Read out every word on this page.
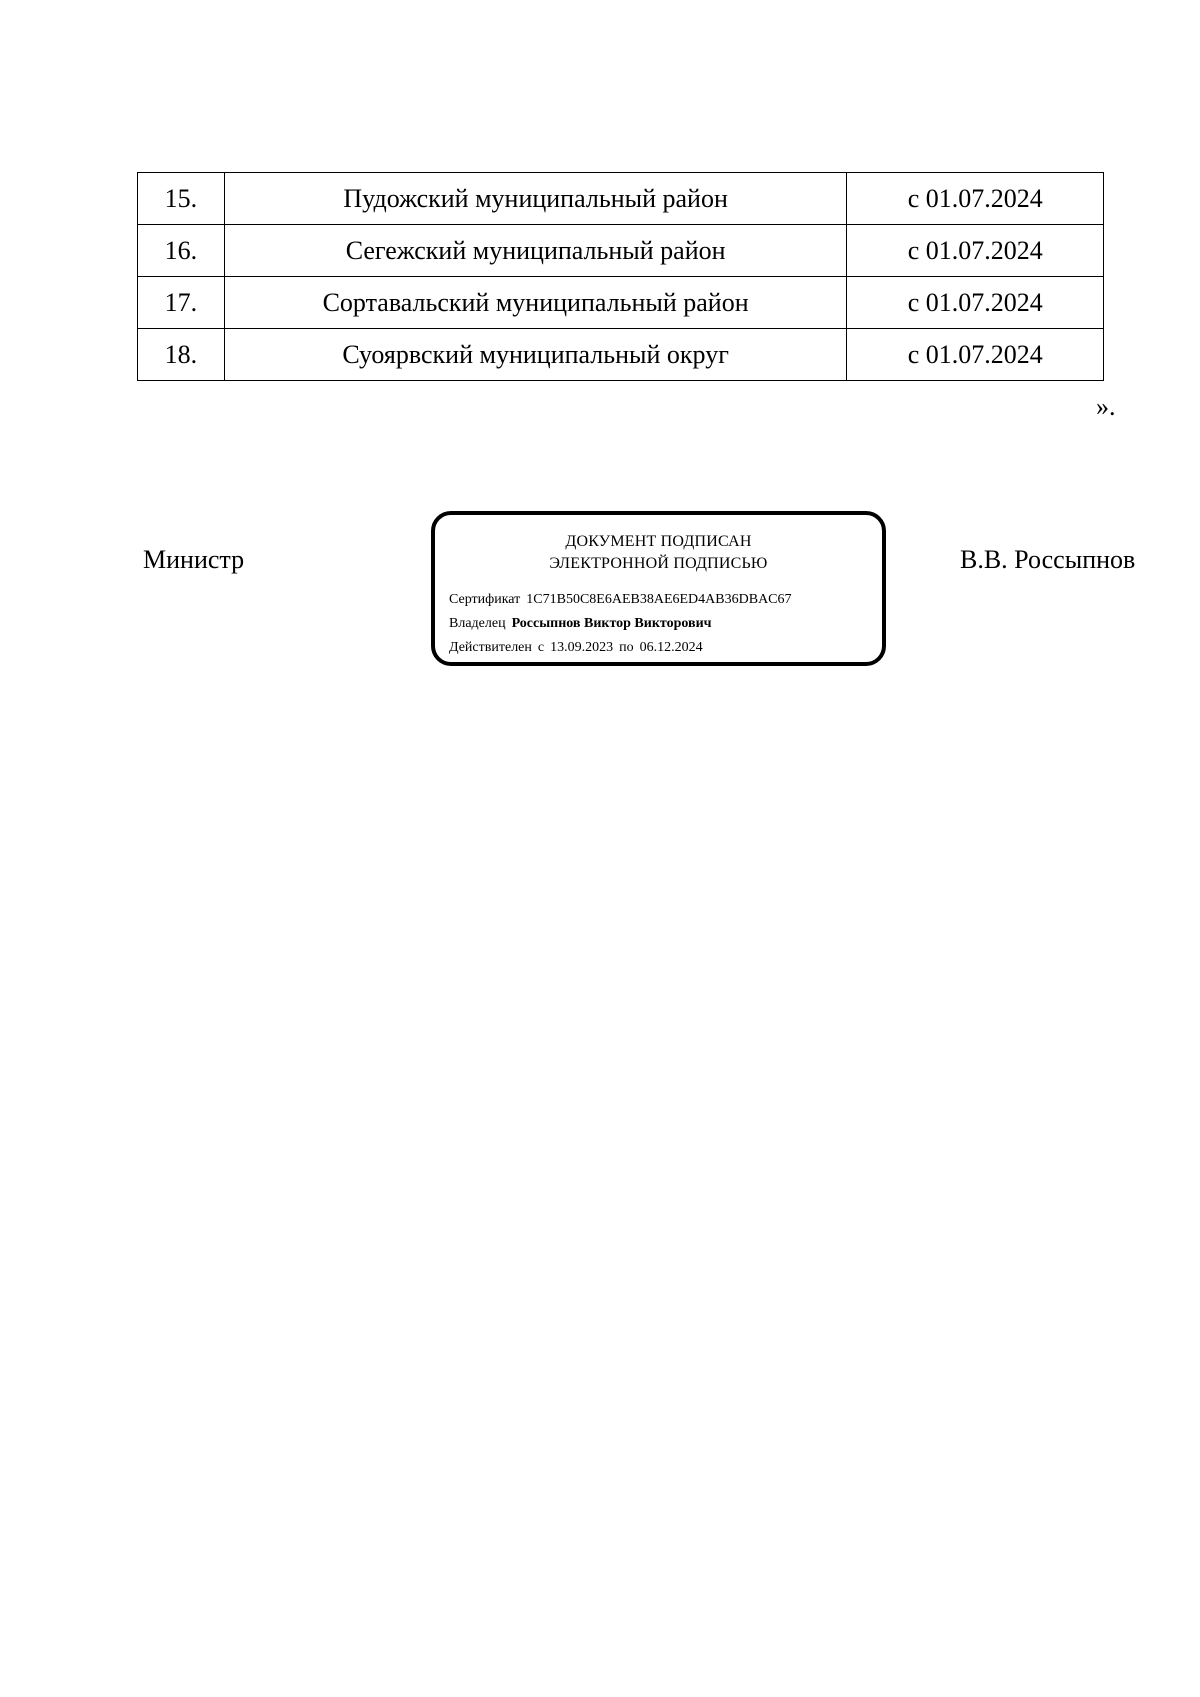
15.	Пудожский муниципальный район	с 01.07.2024
16.	Сегежский муниципальный район	с 01.07.2024
17.	Сортавальский муниципальный район	с 01.07.2024
18.	Суоярвский муниципальный округ	с 01.07.2024
».
Министр
ДОКУМЕНТ ПОДПИСАН
ЭЛЕКТРОННОЙ ПОДПИСЬЮ
Сертификат 1C71B50C8E6AEB38AE6ED4AB36DBAC67
Владелец Россыпнов Виктор Викторович
Действителен с 13.09.2023 по 06.12.2024
В.В. Россыпнов
